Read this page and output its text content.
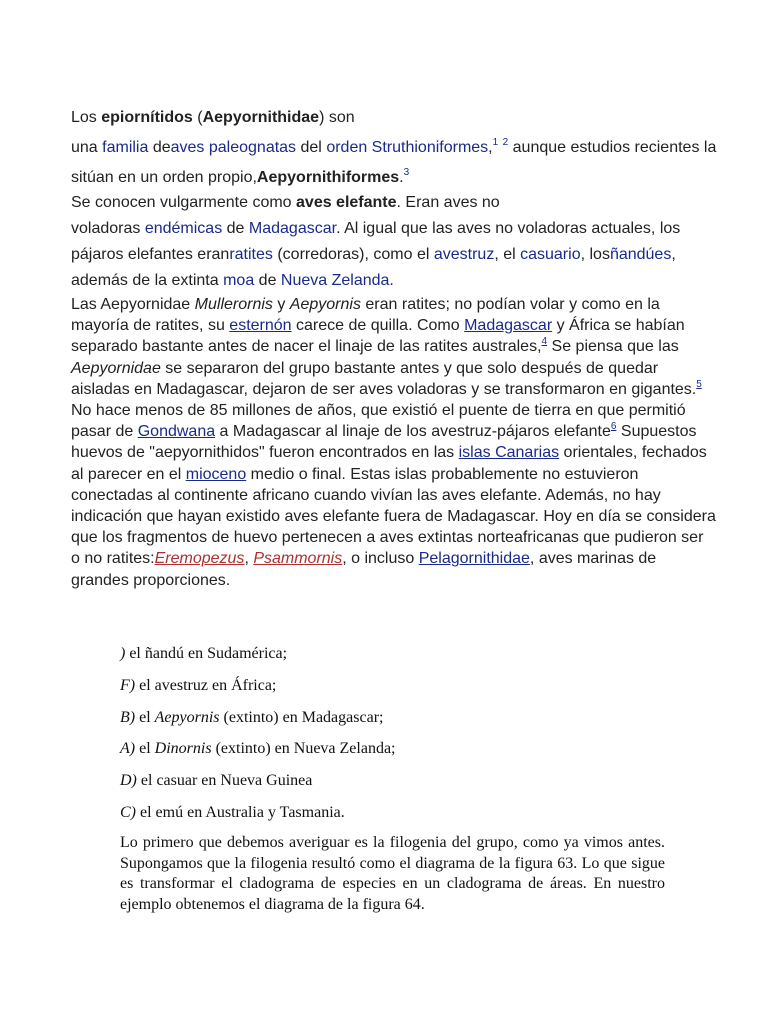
Los epiornítidos (Aepyornithidae) son
una familia deaves paleognatas del orden Struthioniformes,$^1$ $^2$ aunque estudios recientes la
sitúan en un orden propio,Aepyornithiformes.$^3$
Se conocen vulgarmente como aves elefante. Eran aves no
voladoras endémicas de Madagascar. Al igual que las aves no voladoras actuales, los
pájaros elefantes eranratites (corredoras), como el avestruz, el casuario, losñandúes,
además de la extinta moa de Nueva Zelanda.

Las Aepyornidae Mullerornis y Aepyornis eran ratites; no podían volar y como en la mayoría de ratites, su esternón carece de quilla. Como Madagascar y África se habían separado bastante antes de nacer el linaje de las ratites australes,$^4$ Se piensa que las Aepyornidae se separaron del grupo bastante antes y que solo después de quedar aisladas en Madagascar, dejaron de ser aves voladoras y se transformaron en gigantes.$^5$ No hace menos de 85 millones de años, que existió el puente de tierra en que permitió pasar de Gondwana a Madagascar al linaje de los avestruz-pájaros elefante$^6$ Supuestos huevos de "aepyornithidos" fueron encontrados en las islas Canarias orientales, fechados al parecer en el mioceno medio o final. Estas islas probablemente no estuvieron conectadas al continente africano cuando vivían las aves elefante. Además, no hay indicación que hayan existido aves elefante fuera de Madagascar. Hoy en día se considera que los fragmentos de huevo pertenecen a aves extintas norteafricanas que pudieron ser o no ratites:Eremopezus, Psammornis, o incluso Pelagornithidae, aves marinas de grandes proporciones.

) el ñandú en Sudamérica;
F) el avestruz en África;
B) el Aepyornis (extinto) en Madagascar;
A) el Dinornis (extinto) en Nueva Zelanda;
D) el casuar en Nueva Guinea
C) el emú en Australia y Tasmania.

Lo primero que debemos averiguar es la filogenia del grupo, como ya vimos antes. Supongamos que la filogenia resultó como el diagrama de la figura 63. Lo que sigue es transformar el cladograma de especies en un cladograma de áreas. En nuestro ejemplo obtenemos el diagrama de la figura 64.
